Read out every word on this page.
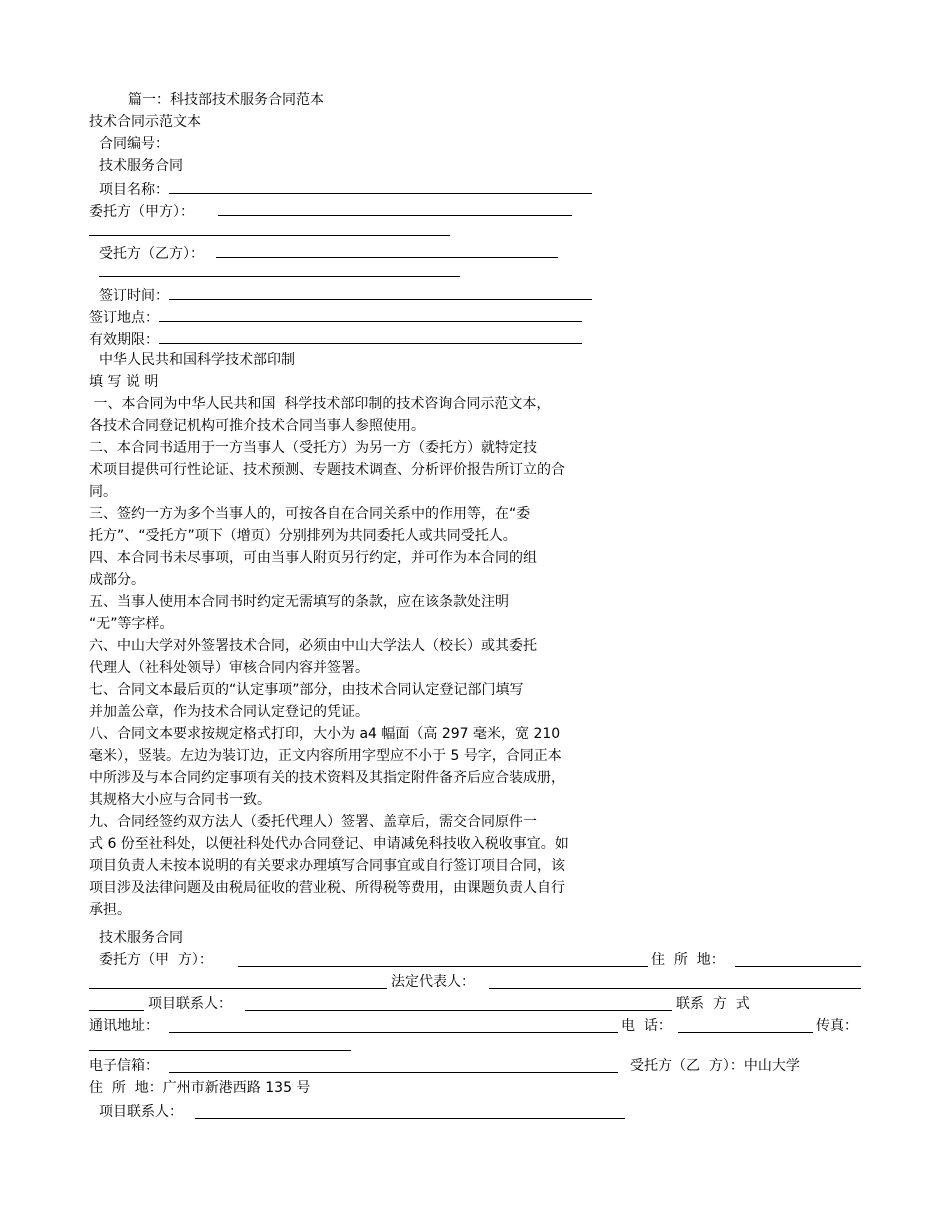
篇一：科技部技术服务合同范本
技术合同示范文本
合同编号：
技术服务合同
项目名称：
委托方（甲方）：
受托方（乙方）：
签订时间：
签订地点：
有效期限：
中华人民共和国科学技术部印制
填 写 说 明
一、本合同为中华人民共和国  科学技术部印制的技术咨询合同示范文本，
各技术合同登记机构可推介技术合同当事人参照使用。
二、本合同书适用于一方当事人（受托方）为另一方（委托方）就特定技
术项目提供可行性论证、技术预测、专题技术调查、分析评价报告所订立的合
同。
三、签约一方为多个当事人的，可按各自在合同关系中的作用等，在“委
托方”、“受托方”项下（增页）分别排列为共同委托人或共同受托人。
四、本合同书未尽事项，可由当事人附页另行约定，并可作为本合同的组
成部分。
五、当事人使用本合同书时约定无需填写的条款，应在该条款处注明
“无”等字样。
六、中山大学对外签署技术合同，必须由中山大学法人（校长）或其委托
代理人（社科处领导）审核合同内容并签署。
七、合同文本最后页的“认定事项”部分，由技术合同认定登记部门填写
并加盖公章，作为技术合同认定登记的凭证。
八、合同文本要求按规定格式打印，大小为 a4 幅面（高 297 毫米，宽 210
毫米），竖装。左边为装订边，正文内容所用字型应不小于 5 号字，合同正本
中所涉及与本合同约定事项有关的技术资料及其指定附件备齐后应合装成册，
其规格大小应与合同书一致。
九、合同经签约双方法人（委托代理人）签署、盖章后，需交合同原件一
式 6 份至社科处，以便社科处代办合同登记、申请减免科技收入税收事宜。如
项目负责人未按本说明的有关要求办理填写合同事宜或自行签订项目合同，该
项目涉及法律问题及由税局征收的营业税、所得税等费用，由课题负责人自行
承担。
技术服务合同
委托方（甲  方）：	住  所  地：
法定代表人：
项目联系人：	联系  方  式
通讯地址：	电  话：	传真：
电子信箱：	受托方（乙  方）：中山大学
住  所  地：广州市新港西路 135 号
项目联系人：
